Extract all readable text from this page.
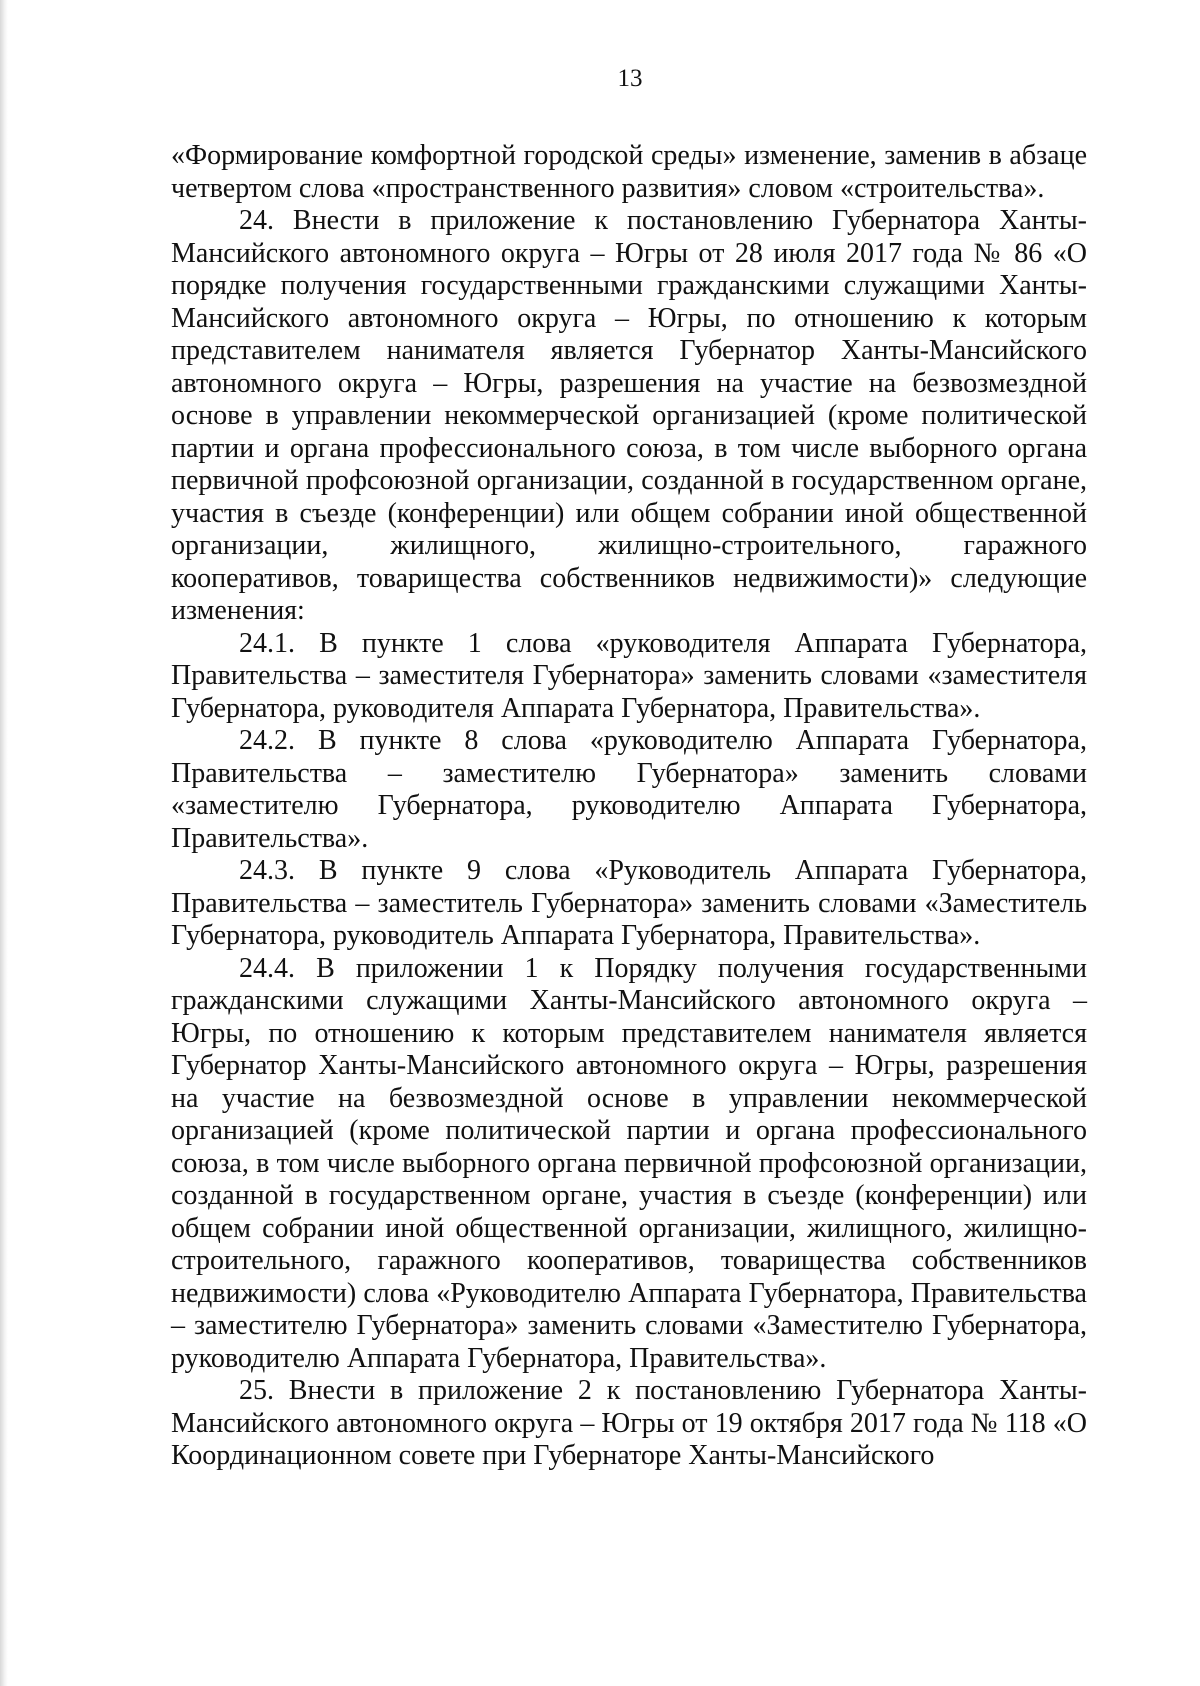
13

«Формирование комфортной городской среды» изменение, заменив в абзаце четвертом слова «пространственного развития» словом «строительства».

24. Внести в приложение к постановлению Губернатора Ханты-Мансийского автономного округа – Югры от 28 июля 2017 года № 86 «О порядке получения государственными гражданскими служащими Ханты-Мансийского автономного округа – Югры, по отношению к которым представителем нанимателя является Губернатор Ханты-Мансийского автономного округа – Югры, разрешения на участие на безвозмездной основе в управлении некоммерческой организацией (кроме политической партии и органа профессионального союза, в том числе выборного органа первичной профсоюзной организации, созданной в государственном органе, участия в съезде (конференции) или общем собрании иной общественной организации, жилищного, жилищно-строительного, гаражного кооперативов, товарищества собственников недвижимости)» следующие изменения:

24.1. В пункте 1 слова «руководителя Аппарата Губернатора, Правительства – заместителя Губернатора» заменить словами «заместителя Губернатора, руководителя Аппарата Губернатора, Правительства».

24.2. В пункте 8 слова «руководителю Аппарата Губернатора, Правительства – заместителю Губернатора» заменить словами «заместителю Губернатора, руководителю Аппарата Губернатора, Правительства».

24.3. В пункте 9 слова «Руководитель Аппарата Губернатора, Правительства – заместитель Губернатора» заменить словами «Заместитель Губернатора, руководитель Аппарата Губернатора, Правительства».

24.4. В приложении 1 к Порядку получения государственными гражданскими служащими Ханты-Мансийского автономного округа – Югры, по отношению к которым представителем нанимателя является Губернатор Ханты-Мансийского автономного округа – Югры, разрешения на участие на безвозмездной основе в управлении некоммерческой организацией (кроме политической партии и органа профессионального союза, в том числе выборного органа первичной профсоюзной организации, созданной в государственном органе, участия в съезде (конференции) или общем собрании иной общественной организации, жилищного, жилищно-строительного, гаражного кооперативов, товарищества собственников недвижимости) слова «Руководителю Аппарата Губернатора, Правительства – заместителю Губернатора» заменить словами «Заместителю Губернатора, руководителю Аппарата Губернатора, Правительства».

25. Внести в приложение 2 к постановлению Губернатора Ханты-Мансийского автономного округа – Югры от 19 октября 2017 года № 118 «О Координационном совете при Губернаторе Ханты-Мансийского
